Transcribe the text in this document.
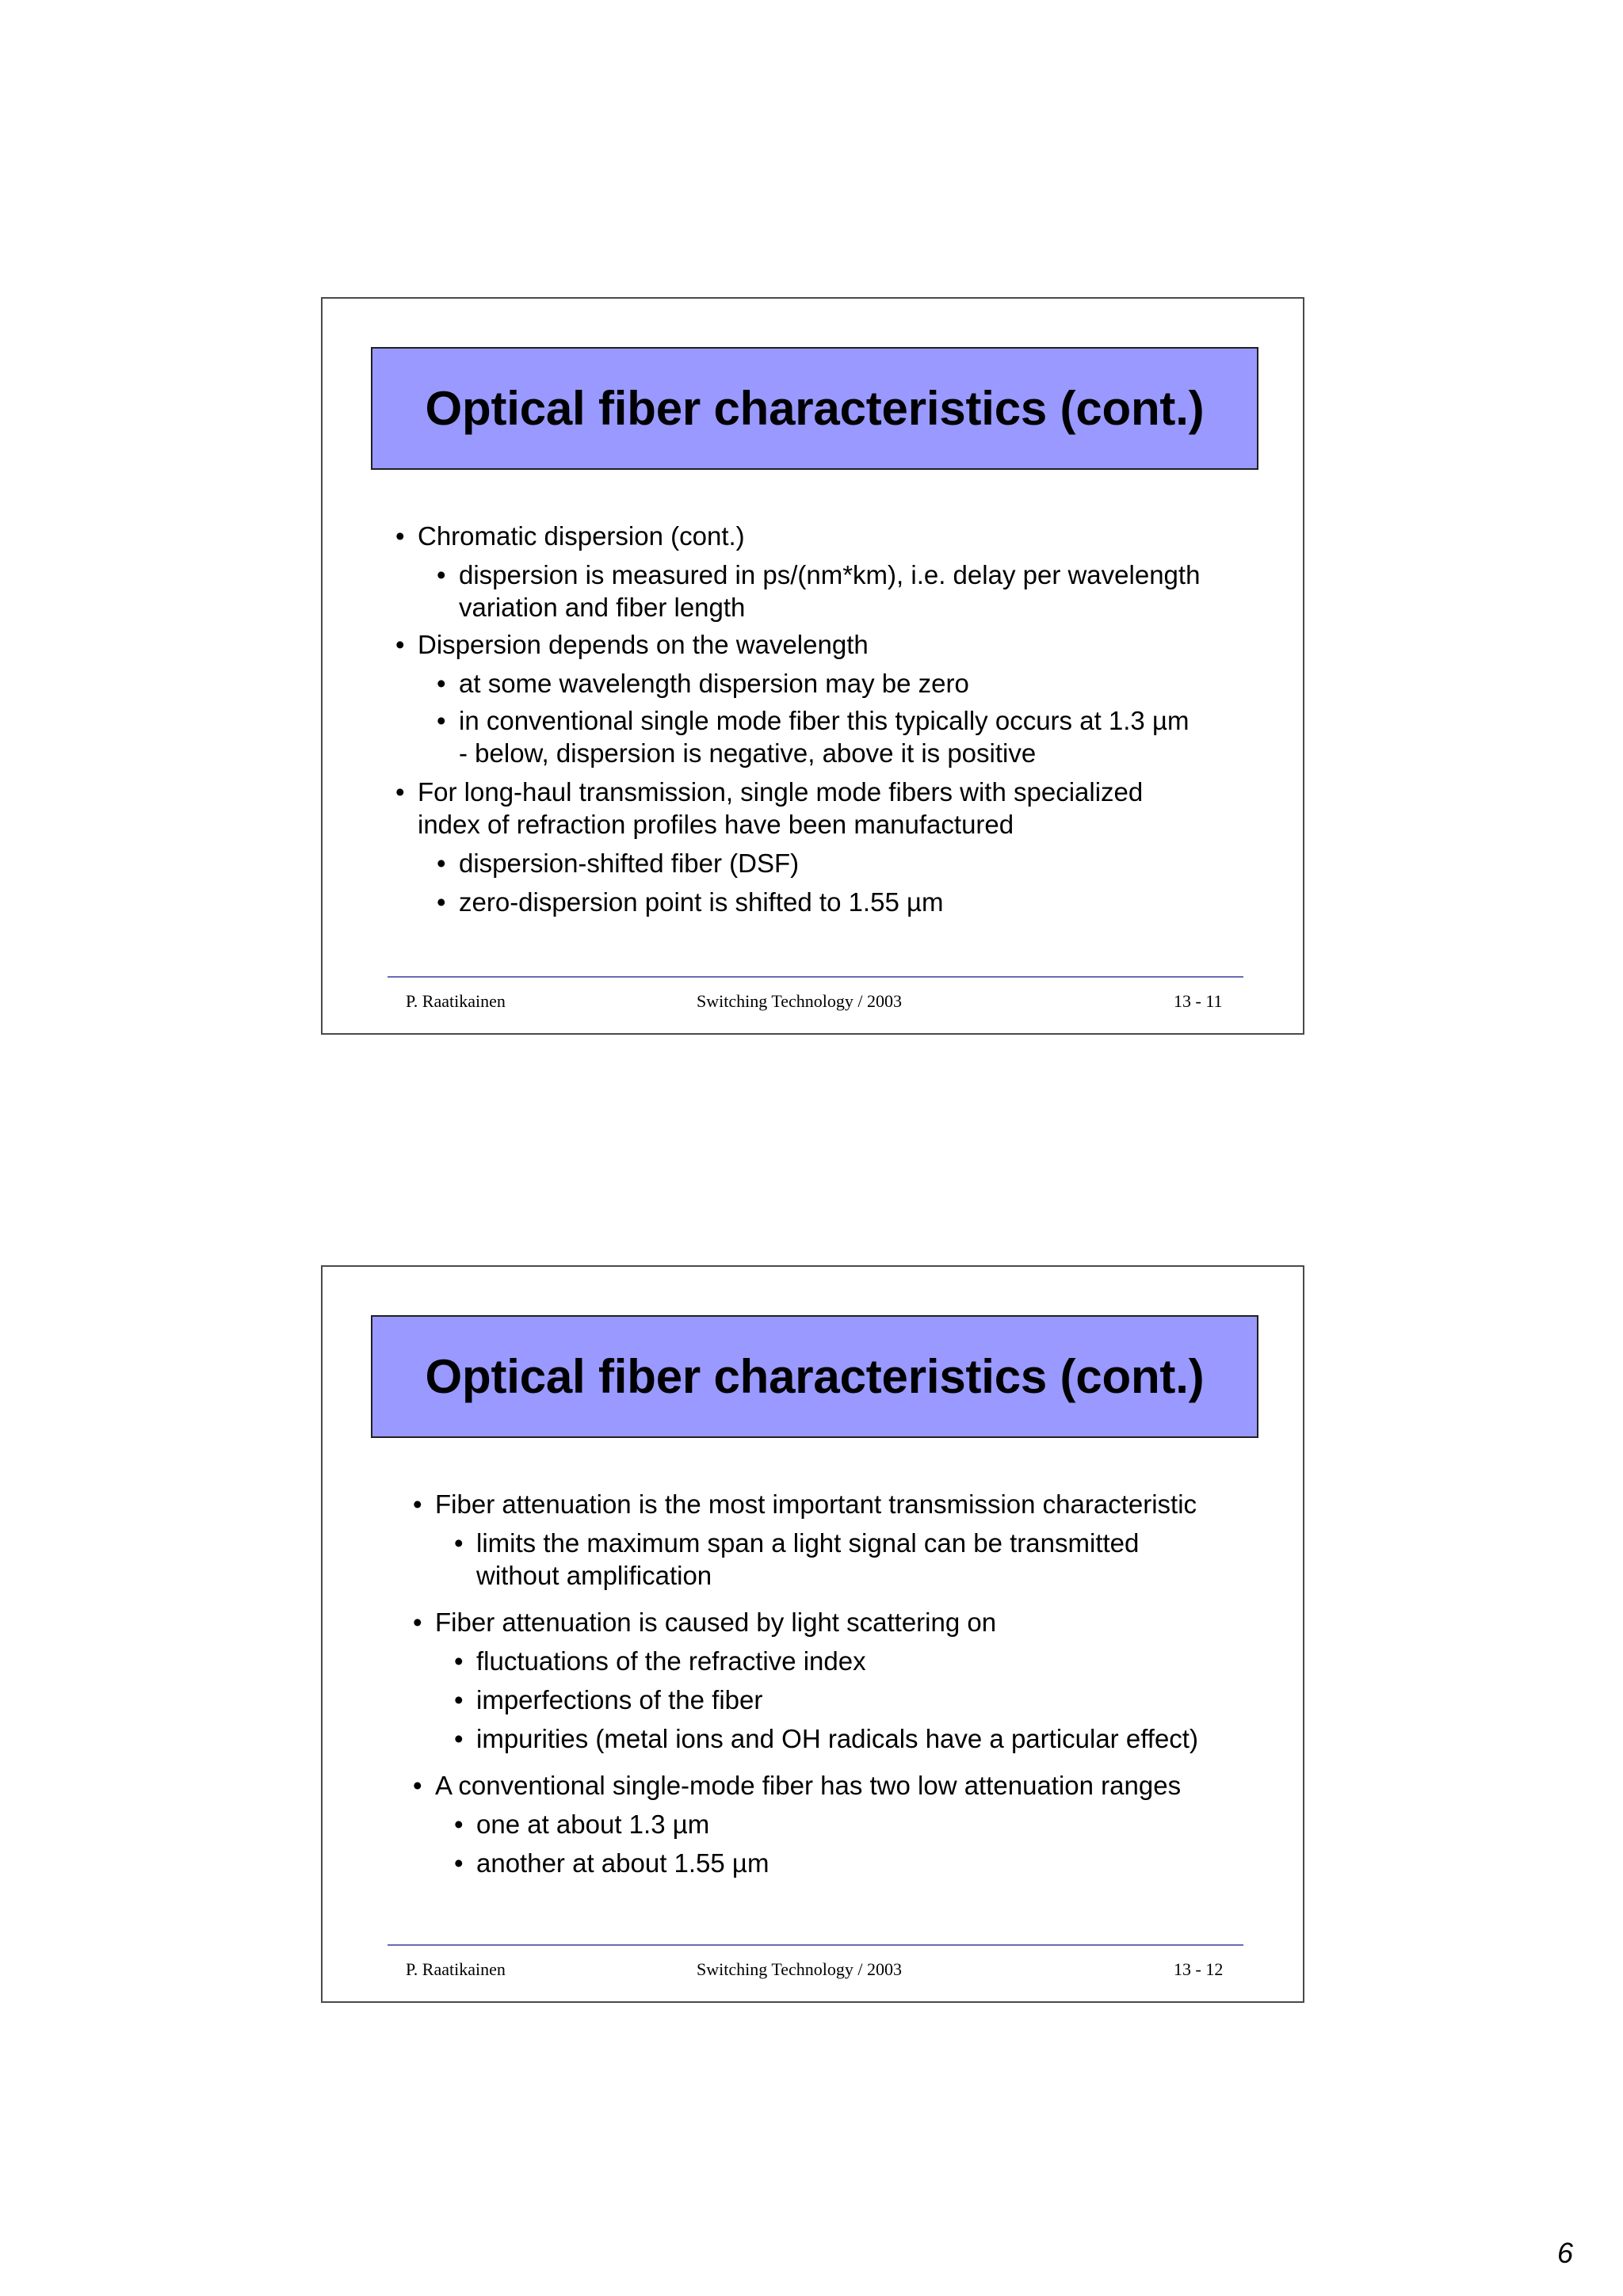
Optical fiber characteristics (cont.)
• Chromatic dispersion (cont.)
• dispersion is measured in ps/(nm*km), i.e. delay per wavelength
variation and fiber length
• Dispersion depends on the wavelength
• at some wavelength dispersion may be zero
• in conventional single mode fiber this typically occurs at 1.3 µm
- below, dispersion is negative, above it is positive
• For long-haul transmission, single mode fibers with specialized
index of refraction profiles have been manufactured
• dispersion-shifted fiber (DSF)
• zero-dispersion point is shifted to 1.55 µm
P. Raatikainen	Switching Technology / 2003	13 - 11
Optical fiber characteristics (cont.)
• Fiber attenuation is the most important transmission characteristic
• limits the maximum span a light signal can be transmitted
without amplification
• Fiber attenuation is caused by light scattering on
• fluctuations of the refractive index
• imperfections of the fiber
• impurities (metal ions and OH radicals have a particular effect)
• A conventional single-mode fiber has two low attenuation ranges
• one at about 1.3 µm
• another at about 1.55 µm
P. Raatikainen	Switching Technology / 2003	13 - 12
6
